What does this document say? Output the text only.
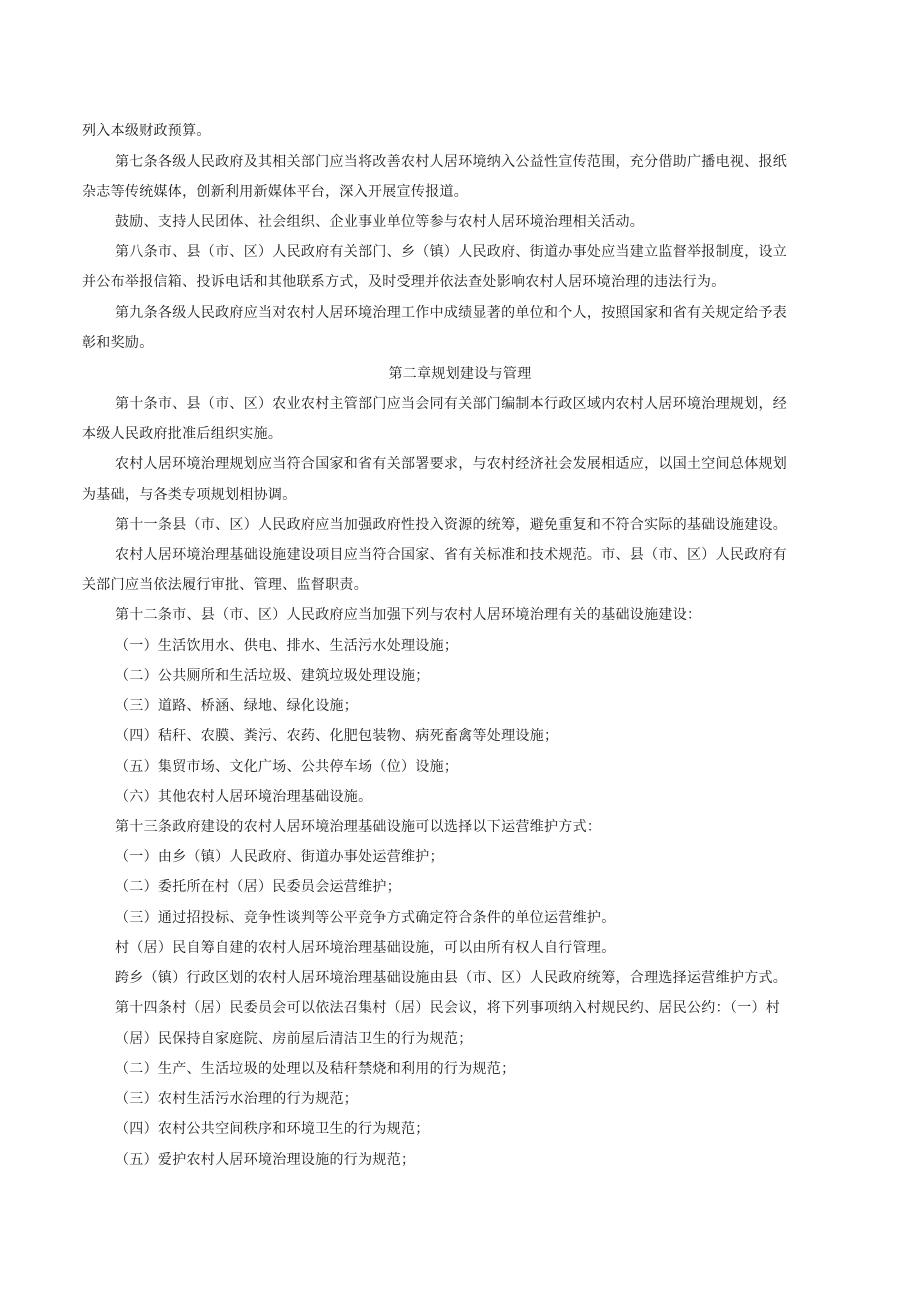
列入本级财政预算。
第七条各级人民政府及其相关部门应当将改善农村人居环境纳入公益性宣传范围，充分借助广播电视、报纸
杂志等传统媒体，创新利用新媒体平台，深入开展宣传报道。
鼓励、支持人民团体、社会组织、企业事业单位等参与农村人居环境治理相关活动。
第八条市、县（市、区）人民政府有关部门、乡（镇）人民政府、街道办事处应当建立监督举报制度，设立
并公布举报信箱、投诉电话和其他联系方式，及时受理并依法查处影响农村人居环境治理的违法行为。
第九条各级人民政府应当对农村人居环境治理工作中成绩显著的单位和个人，按照国家和省有关规定给予表
彰和奖励。
第二章规划建设与管理
第十条市、县（市、区）农业农村主管部门应当会同有关部门编制本行政区域内农村人居环境治理规划，经
本级人民政府批准后组织实施。
农村人居环境治理规划应当符合国家和省有关部署要求，与农村经济社会发展相适应，以国土空间总体规划
为基础，与各类专项规划相协调。
第十一条县（市、区）人民政府应当加强政府性投入资源的统筹，避免重复和不符合实际的基础设施建设。
农村人居环境治理基础设施建设项目应当符合国家、省有关标准和技术规范。市、县（市、区）人民政府有
关部门应当依法履行审批、管理、监督职责。
第十二条市、县（市、区）人民政府应当加强下列与农村人居环境治理有关的基础设施建设：
（一）生活饮用水、供电、排水、生活污水处理设施；
（二）公共厕所和生活垃圾、建筑垃圾处理设施；
（三）道路、桥涵、绿地、绿化设施；
（四）秸秆、农膜、粪污、农药、化肥包装物、病死畜禽等处理设施；
（五）集贸市场、文化广场、公共停车场（位）设施；
（六）其他农村人居环境治理基础设施。
第十三条政府建设的农村人居环境治理基础设施可以选择以下运营维护方式：
（一）由乡（镇）人民政府、街道办事处运营维护；
（二）委托所在村（居）民委员会运营维护；
（三）通过招投标、竞争性谈判等公平竞争方式确定符合条件的单位运营维护。
村（居）民自筹自建的农村人居环境治理基础设施，可以由所有权人自行管理。
跨乡（镇）行政区划的农村人居环境治理基础设施由县（市、区）人民政府统筹，合理选择运营维护方式。
第十四条村（居）民委员会可以依法召集村（居）民会议，将下列事项纳入村规民约、居民公约：（一）村
（居）民保持自家庭院、房前屋后清洁卫生的行为规范；
（二）生产、生活垃圾的处理以及秸秆禁烧和利用的行为规范；
（三）农村生活污水治理的行为规范；
（四）农村公共空间秩序和环境卫生的行为规范；
（五）爱护农村人居环境治理设施的行为规范；
